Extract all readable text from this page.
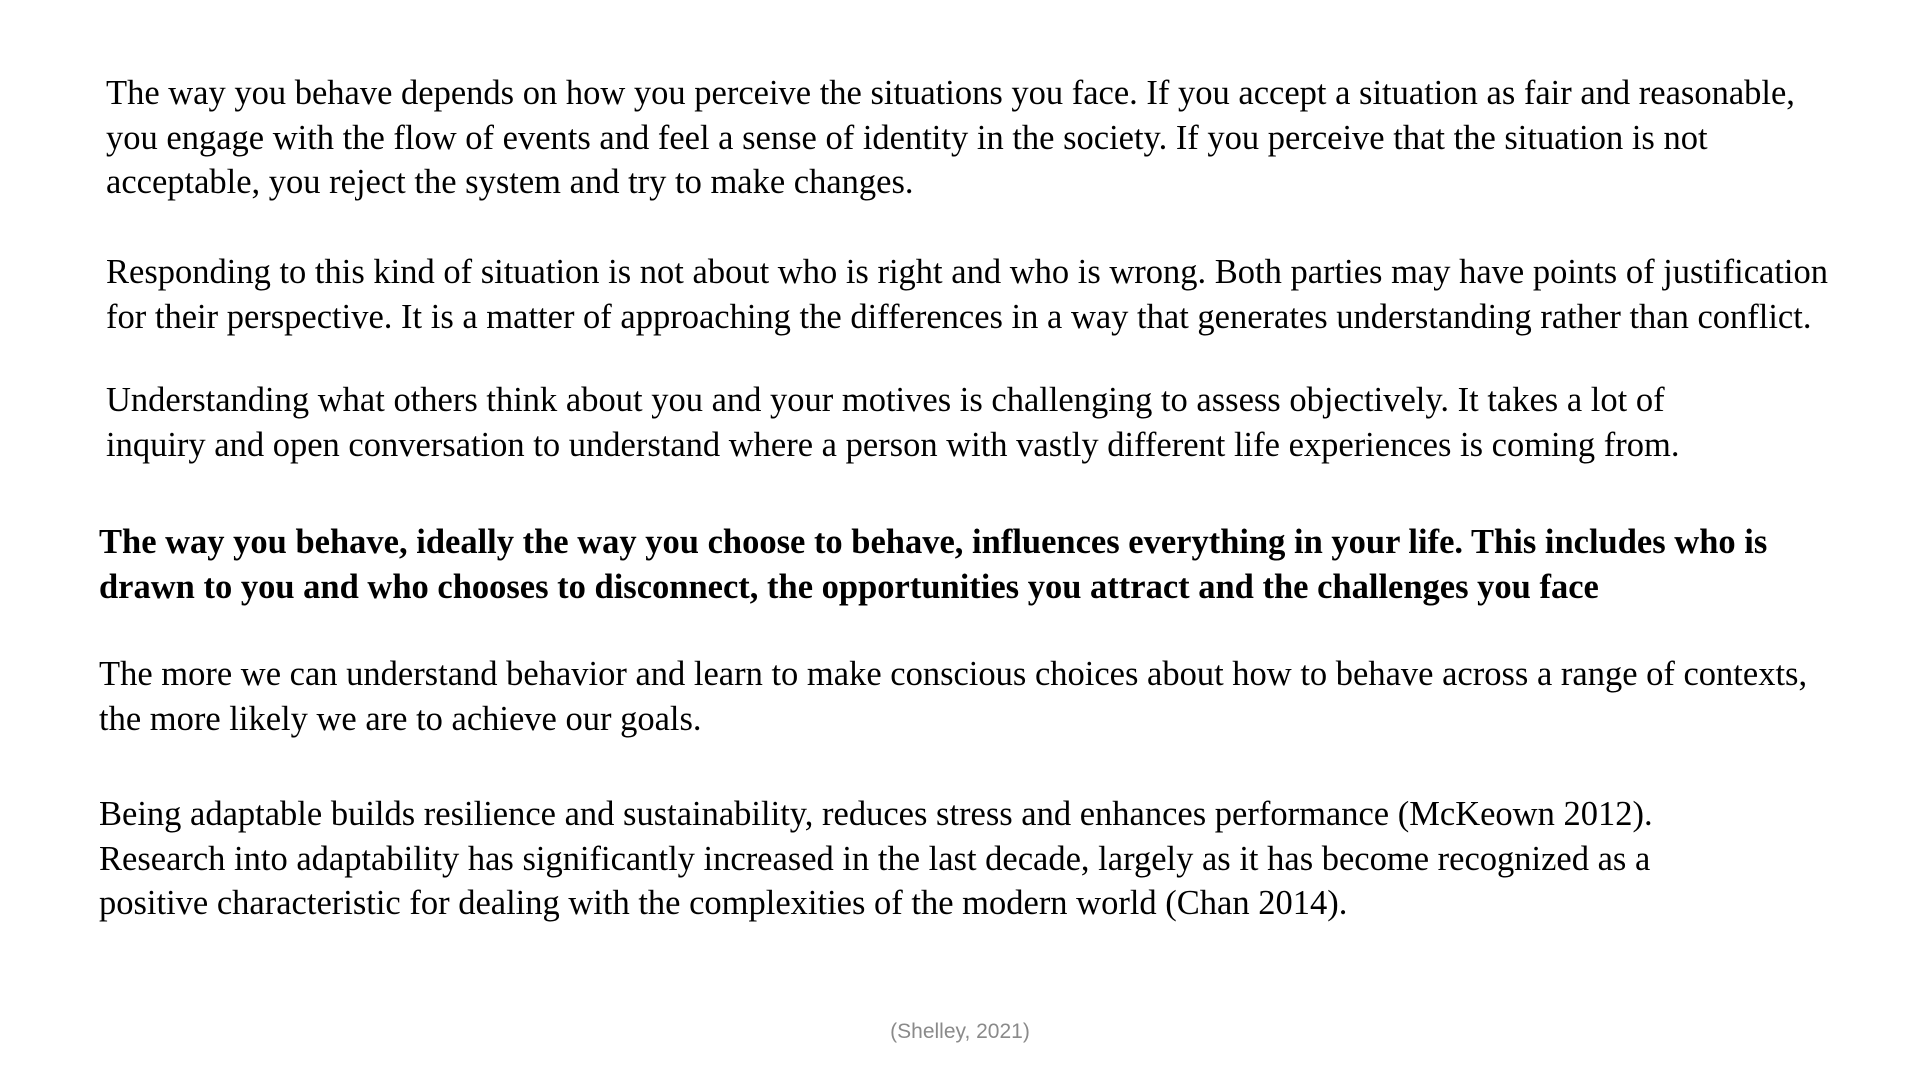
The way you behave depends on how you perceive the situations you face. If you accept a situation as fair and reasonable,
you engage with the flow of events and feel a sense of identity in the society. If you perceive that the situation is not
acceptable, you reject the system and try to make changes.

Responding to this kind of situation is not about who is right and who is wrong. Both parties may have points of justification
for their perspective. It is a matter of approaching the differences in a way that generates understanding rather than conflict.

Understanding what others think about you and your motives is challenging to assess objectively. It takes a lot of
inquiry and open conversation to understand where a person with vastly different life experiences is coming from.

The way you behave, ideally the way you choose to behave, influences everything in your life. This includes who is
drawn to you and who chooses to disconnect, the opportunities you attract and the challenges you face

The more we can understand behavior and learn to make conscious choices about how to behave across a range of contexts,
the more likely we are to achieve our goals.

Being adaptable builds resilience and sustainability, reduces stress and enhances performance (McKeown 2012).
Research into adaptability has significantly increased in the last decade, largely as it has become recognized as a
positive characteristic for dealing with the complexities of the modern world (Chan 2014).

(Shelley, 2021)
